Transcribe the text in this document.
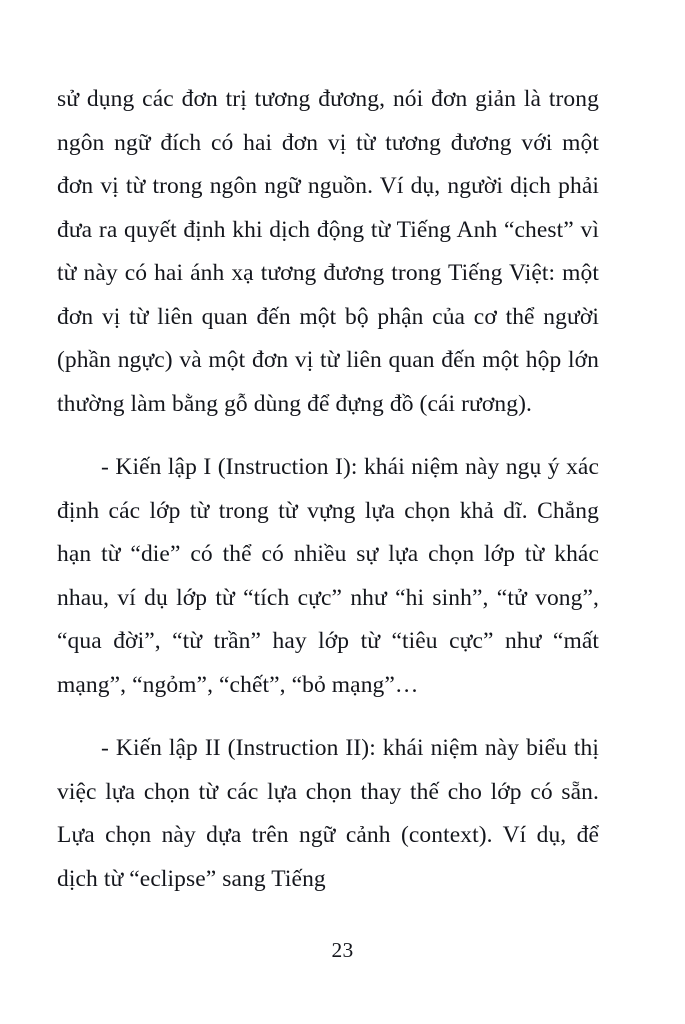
sử dụng các đơn trị tương đương, nói đơn giản là trong ngôn ngữ đích có hai đơn vị từ tương đương với một đơn vị từ trong ngôn ngữ nguồn. Ví dụ, người dịch phải đưa ra quyết định khi dịch động từ Tiếng Anh “chest” vì từ này có hai ánh xạ tương đương trong Tiếng Việt: một đơn vị từ liên quan đến một bộ phận của cơ thể người (phần ngực) và một đơn vị từ liên quan đến một hộp lớn thường làm bằng gỗ dùng để đựng đồ (cái rương).

- Kiến lập I (Instruction I): khái niệm này ngụ ý xác định các lớp từ trong từ vựng lựa chọn khả dĩ. Chẳng hạn từ “die” có thể có nhiều sự lựa chọn lớp từ khác nhau, ví dụ lớp từ “tích cực” như “hi sinh”, “tử vong”, “qua đời”, “từ trần” hay lớp từ “tiêu cực” như “mất mạng”, “ngỏm”, “chết”, “bỏ mạng”…

- Kiến lập II (Instruction II): khái niệm này biểu thị việc lựa chọn từ các lựa chọn thay thế cho lớp có sẵn. Lựa chọn này dựa trên ngữ cảnh (context). Ví dụ, để dịch từ “eclipse” sang Tiếng

23
